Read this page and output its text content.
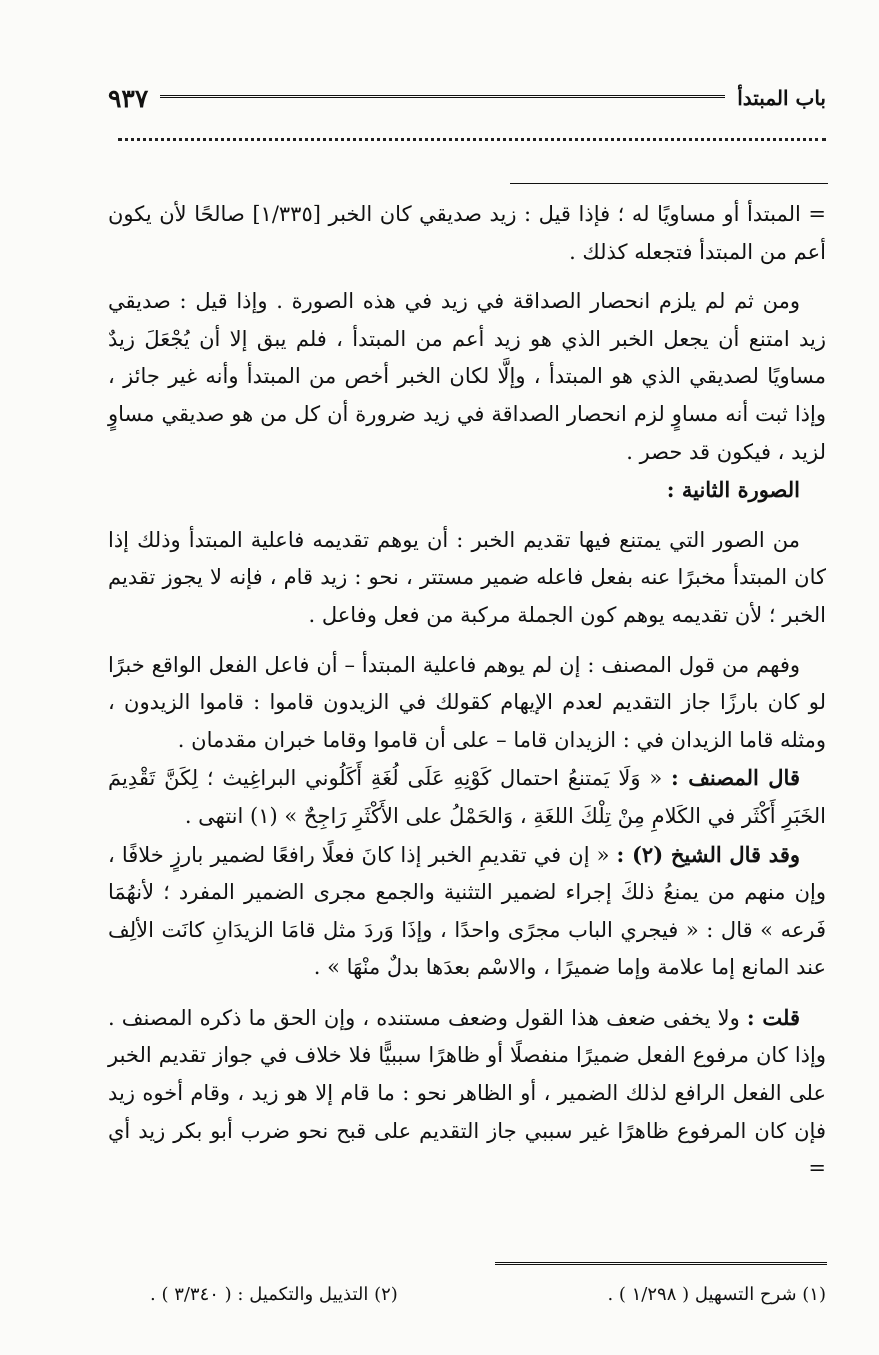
باب المبتدأ
٩٣٧

= المبتدأ أو مساويًا له ؛ فإذا قيل : زيد صديقي كان الخبر [١/٣٣٥] صالحًا لأن يكون أعم من المبتدأ فتجعله كذلك .

ومن ثم لم يلزم انحصار الصداقة في زيد في هذه الصورة . وإذا قيل : صديقي زيد امتنع أن يجعل الخبر الذي هو زيد أعم من المبتدأ ، فلم يبق إلا أن يُجْعَلَ زيدٌ مساويًا لصديقي الذي هو المبتدأ ، وإلَّا لكان الخبر أخص من المبتدأ وأنه غير جائز ، وإذا ثبت أنه مساوٍ لزم انحصار الصداقة في زيد ضرورة أن كل من هو صديقي مساوٍ لزيد ، فيكون قد حصر .

الصورة الثانية :

من الصور التي يمتنع فيها تقديم الخبر : أن يوهم تقديمه فاعلية المبتدأ وذلك إذا كان المبتدأ مخبرًا عنه بفعل فاعله ضمير مستتر ، نحو : زيد قام ، فإنه لا يجوز تقديم الخبر ؛ لأن تقديمه يوهم كون الجملة مركبة من فعل وفاعل .

وفهم من قول المصنف : إن لم يوهم فاعلية المبتدأ – أن فاعل الفعل الواقع خبرًا لو كان بارزًا جاز التقديم لعدم الإيهام كقولك في الزيدون قاموا : قاموا الزيدون ، ومثله قاما الزيدان في : الزيدان قاما – على أن قاموا وقاما خبران مقدمان .

قال المصنف : « وَلَا يَمتنعُ احتمال كَوْنِهِ عَلَى لُغَةِ أَكَلُوني البراغِيث ؛ لِكَنَّ تَقْدِيمَ الخَبَرِ أَكْثَر في الكَلامِ مِنْ تِلْكَ اللغَةِ ، وَالحَمْلُ على الأَكْثَرِ رَاجِحٌ » (١) انتهى .

وقد قال الشيخ (٢) : « إن في تقديمِ الخبر إذا كانَ فعلًا رافعًا لضمير بارزٍ خلافًا ، وإن منهم من يمنعُ ذلكَ إجراء لضمير التثنية والجمع مجرى الضمير المفرد ؛ لأنهُمَا فَرعه » قال : « فيجري الباب مجرًى واحدًا ، وإذَا وَردَ مثل قامَا الزيدَانِ كانَت الألِف عند المانع إما علامة وإما ضميرًا ، والاسْم بعدَها بدلٌ منْهَا » .

قلت : ولا يخفى ضعف هذا القول وضعف مستنده ، وإن الحق ما ذكره المصنف . وإذا كان مرفوع الفعل ضميرًا منفصلًا أو ظاهرًا سببيًّا فلا خلاف في جواز تقديم الخبر على الفعل الرافع لذلك الضمير ، أو الظاهر نحو : ما قام إلا هو زيد ، وقام أخوه زيد فإن كان المرفوع ظاهرًا غير سببي جاز التقديم على قبح نحو ضرب أبو بكر زيد أي =

(١) شرح التسهيل ( ١/٢٩٨ ) .
(٢) التذييل والتكميل : ( ٣/٣٤٠ ) .
